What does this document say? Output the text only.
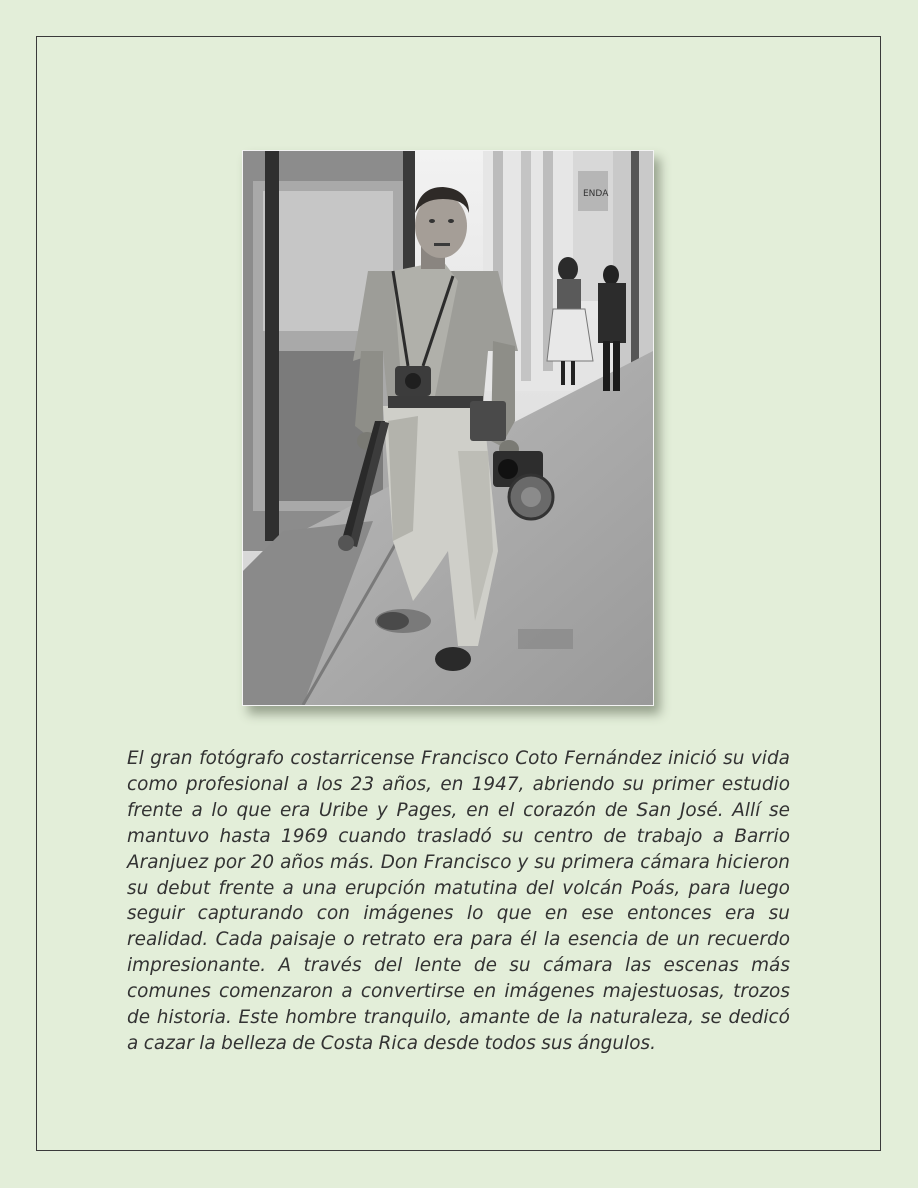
ENDA
El gran fotógrafo costarricense Francisco Coto Fernández inició su vida como profesional a los 23 años, en 1947, abriendo su primer estudio frente a lo que era Uribe y Pages, en el corazón de San José. Allí se mantuvo hasta 1969 cuando trasladó su centro de trabajo a Barrio Aranjuez por 20 años más. Don Francisco y su primera cámara hicieron su debut frente a una erupción matutina del volcán Poás, para luego seguir capturando con imágenes lo que en ese entonces era su realidad. Cada paisaje o retrato era para él la esencia de un recuerdo impresionante. A través del lente de su cámara las escenas más comunes comenzaron a convertirse en imágenes majestuosas, trozos de historia. Este hombre tranquilo, amante de la naturaleza, se dedicó a cazar la belleza de Costa Rica desde todos sus ángulos.
